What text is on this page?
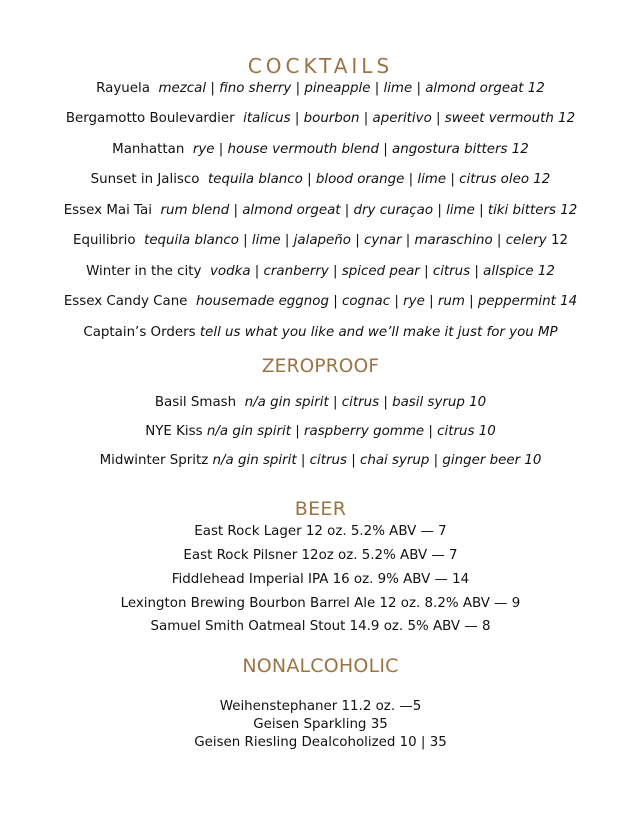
COCKTAILS
Rayuela mezcal | fino sherry | pineapple | lime | almond orgeat 12
Bergamotto Boulevardier italicus | bourbon | aperitivo | sweet vermouth 12
Manhattan rye | house vermouth blend | angostura bitters 12
Sunset in Jalisco tequila blanco | blood orange | lime | citrus oleo 12
Essex Mai Tai rum blend | almond orgeat | dry curaçao | lime | tiki bitters 12
Equilibrio tequila blanco | lime | jalapeño | cynar | maraschino | celery 12
Winter in the city vodka | cranberry | spiced pear | citrus | allspice 12
Essex Candy Cane housemade eggnog | cognac | rye | rum | peppermint 14
Captain’s Orders tell us what you like and we’ll make it just for you MP
ZEROPROOF
Basil Smash n/a gin spirit | citrus | basil syrup 10
NYE Kiss n/a gin spirit | raspberry gomme | citrus 10
Midwinter Spritz n/a gin spirit | citrus | chai syrup | ginger beer 10
BEER
East Rock Lager 12 oz. 5.2% ABV — 7
East Rock Pilsner 12oz oz. 5.2% ABV — 7
Fiddlehead Imperial IPA 16 oz. 9% ABV — 14
Lexington Brewing Bourbon Barrel Ale 12 oz. 8.2% ABV — 9
Samuel Smith Oatmeal Stout 14.9 oz. 5% ABV — 8
NONALCOHOLIC
Weihenstephaner 11.2 oz. —5
Geisen Sparkling 35
Geisen Riesling Dealcoholized 10 | 35
